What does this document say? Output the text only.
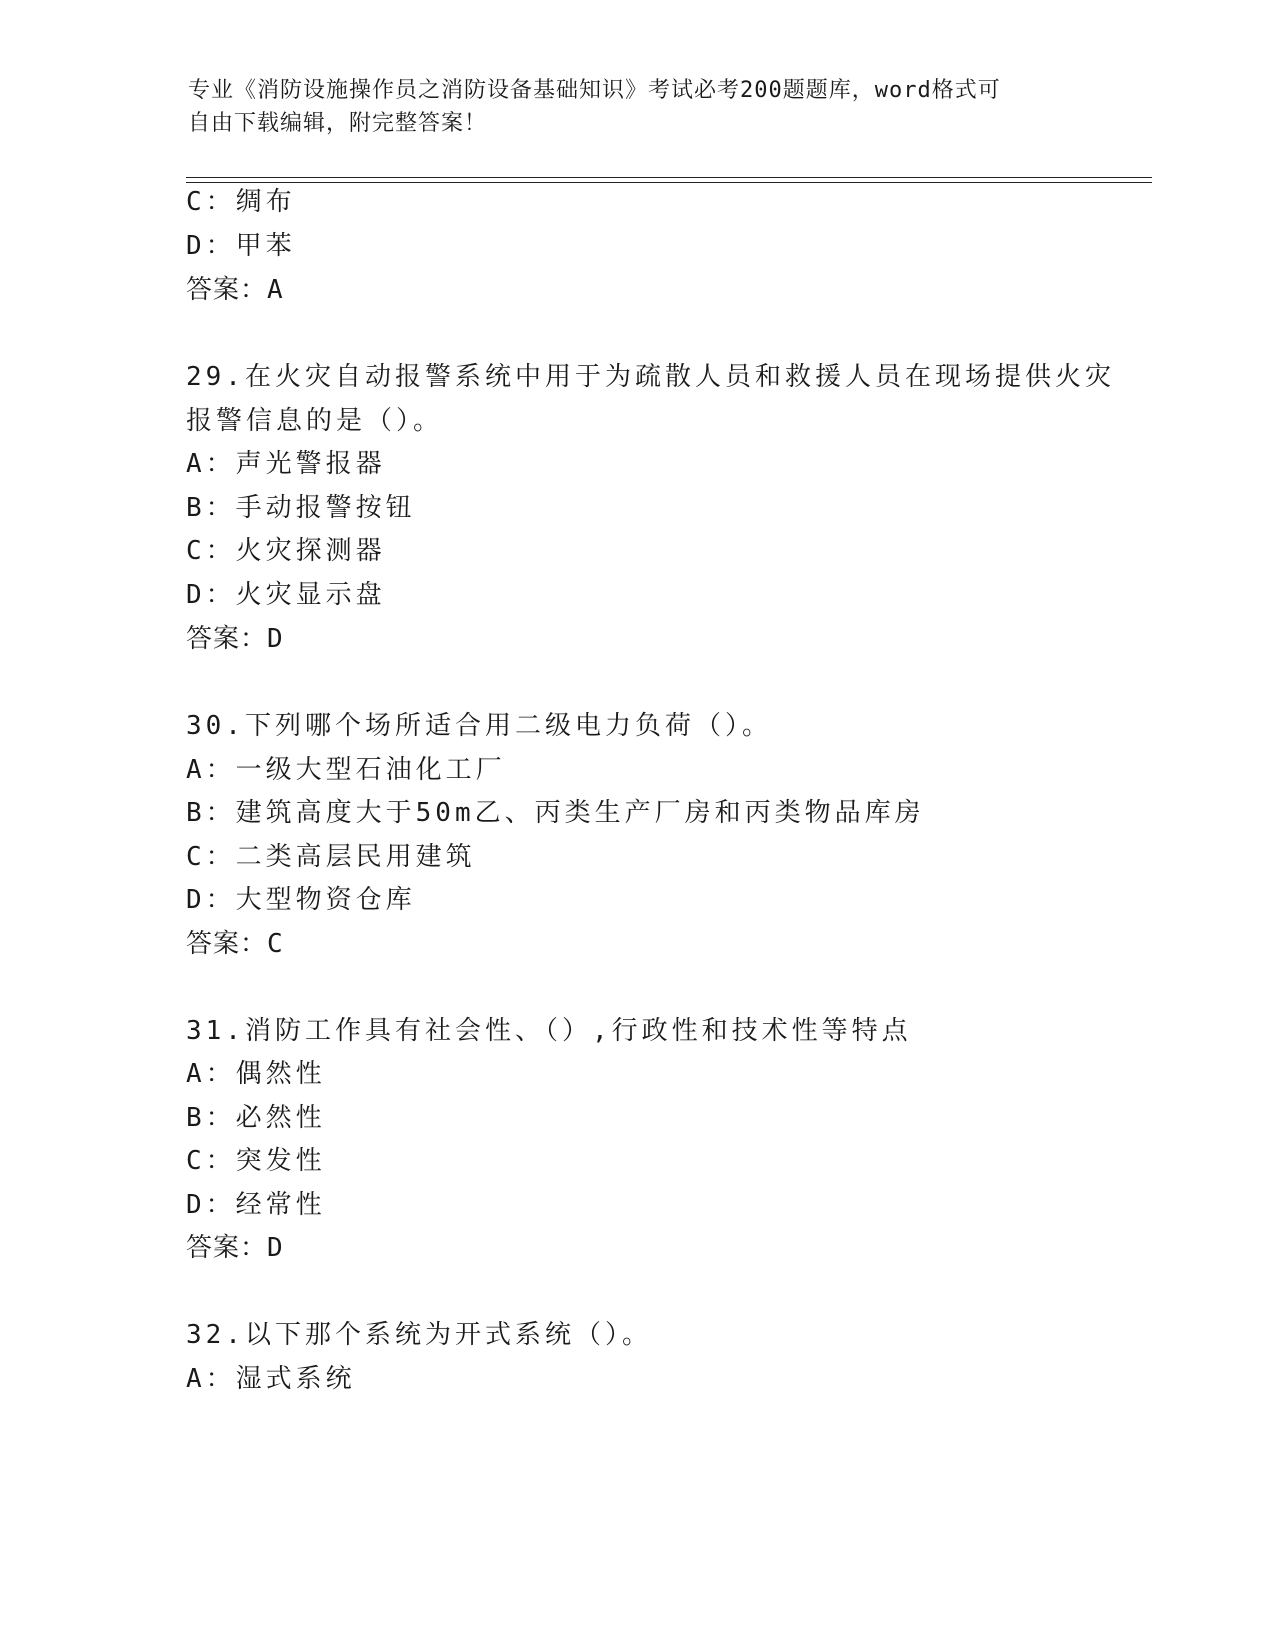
专业《消防设施操作员之消防设备基础知识》考试必考200题题库，word格式可
自由下载编辑，附完整答案！
C：绸布
D：甲苯
答案：A
29.在火灾自动报警系统中用于为疏散人员和救援人员在现场提供火灾
报警信息的是（）。
A：声光警报器
B：手动报警按钮
C：火灾探测器
D：火灾显示盘
答案：D
30.下列哪个场所适合用二级电力负荷（）。
A：一级大型石油化工厂
B：建筑高度大于50m乙、丙类生产厂房和丙类物品库房
C：二类高层民用建筑
D：大型物资仓库
答案：C
31.消防工作具有社会性、（）,行政性和技术性等特点
A：偶然性
B：必然性
C：突发性
D：经常性
答案：D
32.以下那个系统为开式系统（）。
A：湿式系统
